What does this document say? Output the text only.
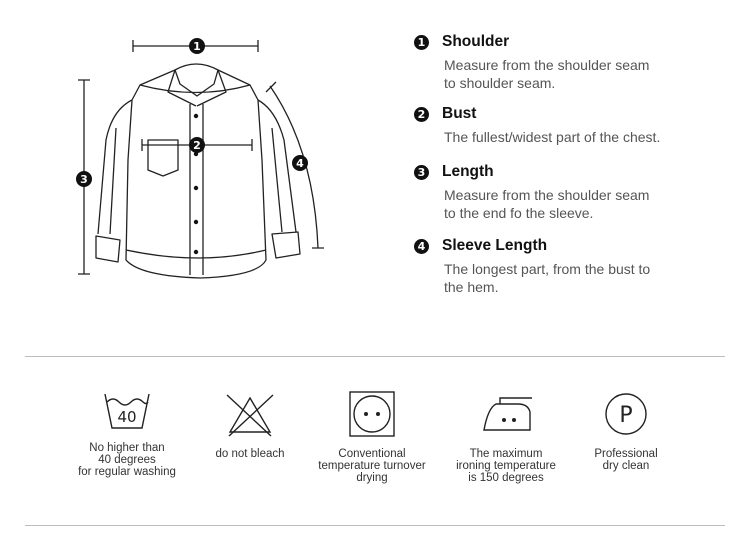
1
2
3
4
1 Shoulder
Measure from the shoulder seam
to shoulder seam.
2 Bust
The fullest/widest part of the chest.
3 Length
Measure from the shoulder seam
to the end fo the sleeve.
4 Sleeve Length
The longest part, from the bust to
the hem.
40
No higher than
40 degrees
for regular washing
do not bleach	Conventional
temperature turnover
drying
The maximum
ironing temperature
is 150 degrees
P
Professional
dry clean
